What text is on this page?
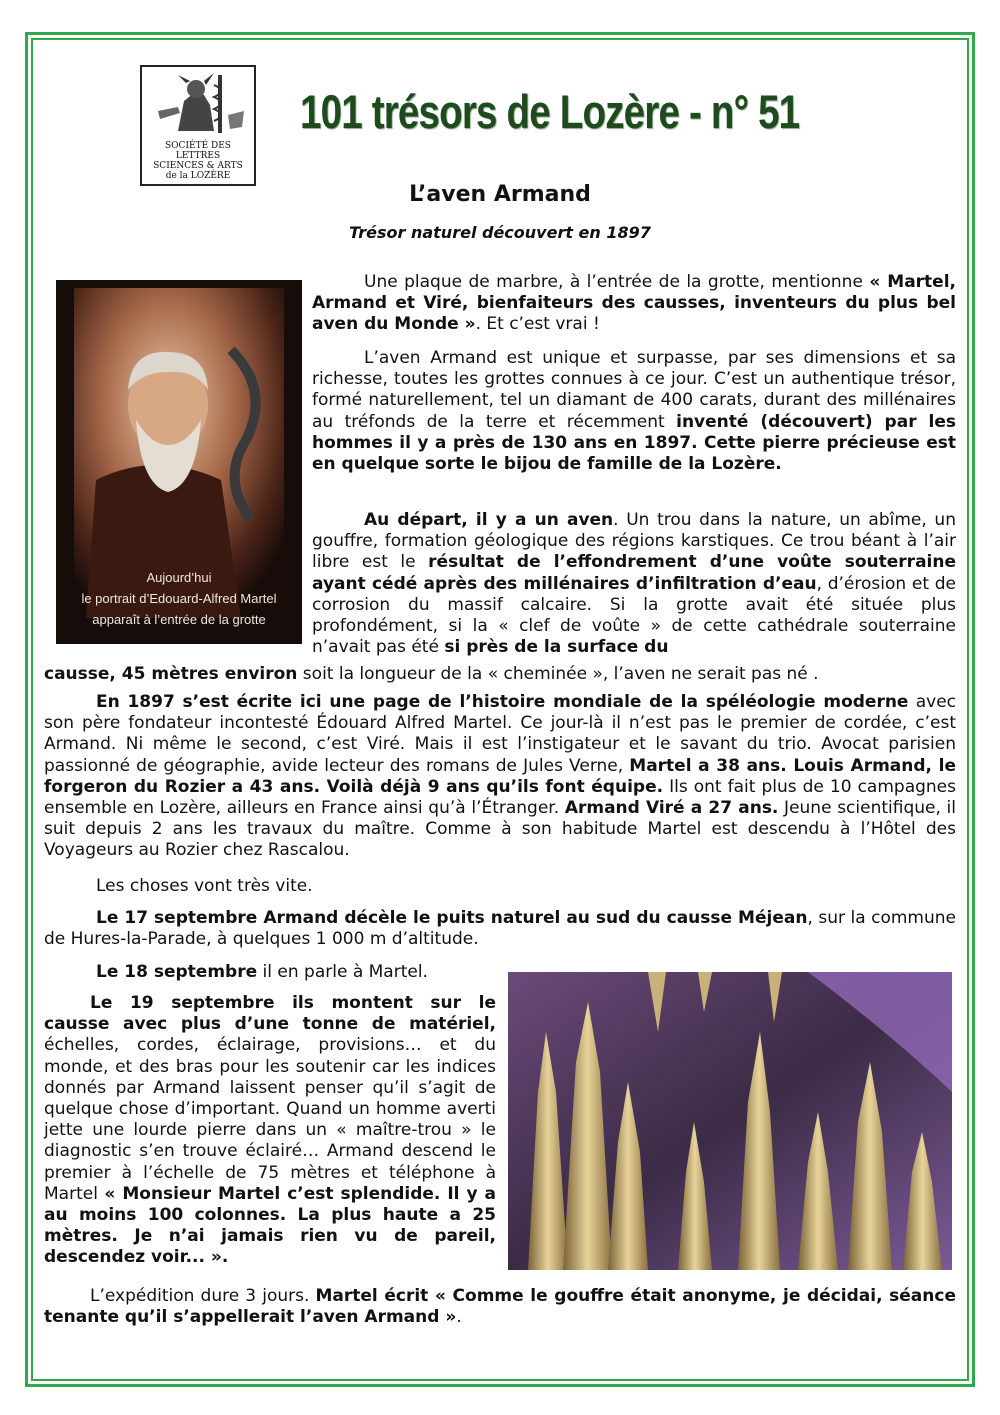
SOCIÉTÉ DES LETTRES
SCIENCES & ARTS
de la LOZÈRE
101 trésors de Lozère - n° 51
L’aven Armand
Trésor naturel découvert en 1897
Aujourd’hui
le portrait d’Edouard-Alfred Martel
apparaît à l’entrée de la grotte
Une plaque de marbre, à l’entrée de la grotte, mentionne « Martel, Armand et Viré, bienfaiteurs des causses, inventeurs du plus bel aven du Monde ». Et c’est vrai !
L’aven Armand est unique et surpasse, par ses dimensions et sa richesse, toutes les grottes connues à ce jour. C’est un authentique trésor, formé naturellement, tel un diamant de 400 carats, durant des millénaires au tréfonds de la terre et récemment inventé (découvert) par les hommes il y a près de 130 ans en 1897. Cette pierre précieuse est en quelque sorte le bijou de famille de la Lozère.
Au départ, il y a un aven. Un trou dans la nature, un abîme, un gouffre, formation géologique des régions karstiques. Ce trou béant à l’air libre est le résultat de l’effondrement d’une voûte souterraine ayant cédé après des millénaires d’infiltration d’eau, d’érosion et de corrosion du massif calcaire. Si la grotte avait été située plus profondément, si la « clef de voûte » de cette cathédrale souterraine n’avait pas été si près de la surface du
causse, 45 mètres environ soit la longueur de la « cheminée », l’aven ne serait pas né .
En 1897 s’est écrite ici une page de l’histoire mondiale de la spéléologie moderne avec son père fondateur incontesté Édouard Alfred Martel. Ce jour-là il n’est pas le premier de cordée, c’est Armand. Ni même le second, c’est Viré. Mais il est l’instigateur et le savant du trio. Avocat parisien passionné de géographie, avide lecteur des romans de Jules Verne, Martel a 38 ans. Louis Armand, le forgeron du Rozier a 43 ans. Voilà déjà 9 ans qu’ils font équipe. Ils ont fait plus de 10 campagnes ensemble en Lozère, ailleurs en France ainsi qu’à l’Étranger. Armand Viré a 27 ans. Jeune scientifique, il suit depuis 2 ans les travaux du maître. Comme à son habitude Martel est descendu à l’Hôtel des Voyageurs au Rozier chez Rascalou.
Les choses vont très vite.
Le 17 septembre Armand décèle le puits naturel au sud du causse Méjean, sur la commune de Hures-la-Parade, à quelques 1 000 m d’altitude.
Le 18 septembre il en parle à Martel.
Le 19 septembre ils montent sur le causse avec plus d’une tonne de matériel, échelles, cordes, éclairage, provisions… et du monde, et des bras pour les soutenir car les indices donnés par Armand laissent penser qu’il s’agit de quelque chose d’important. Quand un homme averti jette une lourde pierre dans un « maître-trou » le diagnostic s’en trouve éclairé… Armand descend le premier à l’échelle de 75 mètres et téléphone à Martel « Monsieur Martel c’est splendide. Il y a au moins 100 colonnes. La plus haute a 25 mètres. Je n’ai jamais rien vu de pareil, descendez voir... ».
L’expédition dure 3 jours. Martel écrit « Comme le gouffre était anonyme, je décidai, séance tenante qu’il s’appellerait l’aven Armand ».
